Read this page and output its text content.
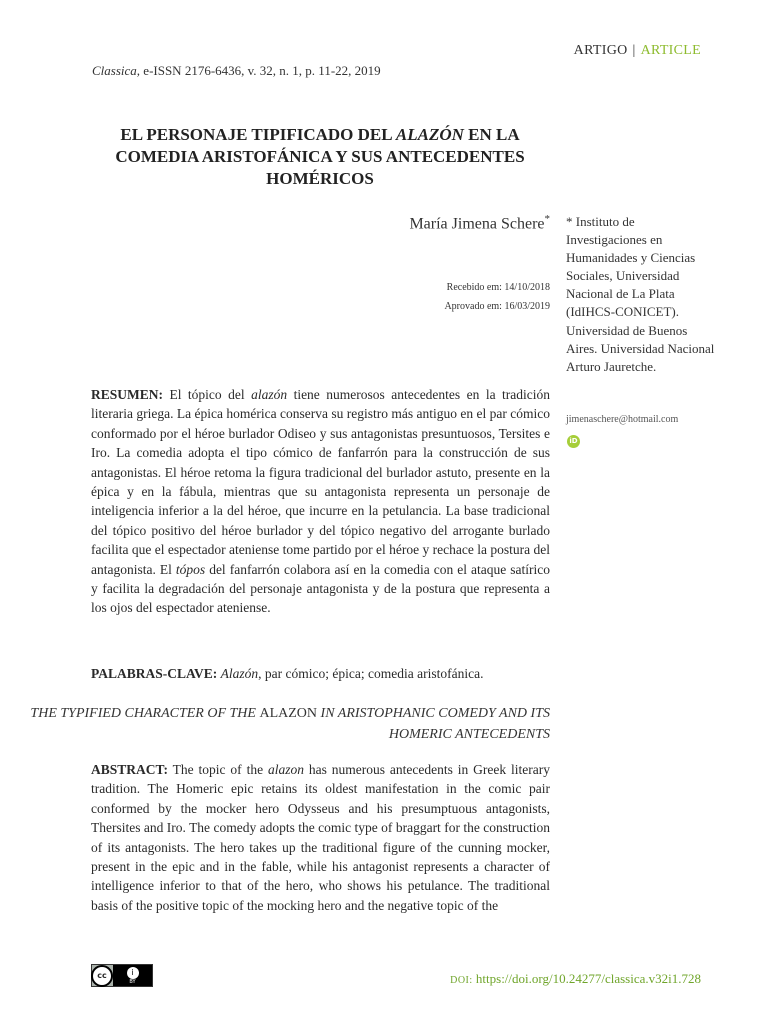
ARTIGO | ARTICLE
Classica, e-ISSN 2176-6436, v. 32, n. 1, p. 11-22, 2019
EL PERSONAJE TIPIFICADO DEL ALAZÓN EN LA COMEDIA ARISTOFÁNICA Y SUS ANTECEDENTES HOMÉRICOS
María Jimena Schere*
Recebido em: 14/10/2018
Aprovado em: 16/03/2019
* Instituto de Investigaciones en Humanidades y Ciencias Sociales, Universidad Nacional de La Plata (IdIHCS-CONICET). Universidad de Buenos Aires. Universidad Nacional Arturo Jauretche.
jimenaschere@hotmail.com
iD
RESUMEN: El tópico del alazón tiene numerosos antecedentes en la tradición literaria griega. La épica homérica conserva su registro más antiguo en el par cómico conformado por el héroe burlador Odiseo y sus antagonistas presuntuosos, Tersites e Iro. La comedia adopta el tipo cómico de fanfarrón para la construcción de sus antagonistas. El héroe retoma la figura tradicional del burlador astuto, presente en la épica y en la fábula, mientras que su antagonista representa un personaje de inteligencia inferior a la del héroe, que incurre en la petulancia. La base tradicional del tópico positivo del héroe burlador y del tópico negativo del arrogante burlado facilita que el espectador ateniense tome partido por el héroe y rechace la postura del antagonista. El tópos del fanfarrón colabora así en la comedia con el ataque satírico y facilita la degradación del personaje antagonista y de la postura que representa a los ojos del espectador ateniense.
PALABRAS-CLAVE: Alazón, par cómico; épica; comedia aristofánica.
THE TYPIFIED CHARACTER OF THE ALAZON IN ARISTOPHANIC COMEDY AND ITS HOMERIC ANTECEDENTS
ABSTRACT: The topic of the alazon has numerous antecedents in Greek literary tradition. The Homeric epic retains its oldest manifestation in the comic pair conformed by the mocker hero Odysseus and his presumptuous antagonists, Thersites and Iro. The comedy adopts the comic type of braggart for the construction of its antagonists. The hero takes up the traditional figure of the cunning mocker, present in the epic and in the fable, while his antagonist represents a character of intelligence inferior to that of the hero, who shows his petulance. The traditional basis of the positive topic of the mocking hero and the negative topic of the
cc	i
BY	DOI: https://doi.org/10.24277/classica.v32i1.728
